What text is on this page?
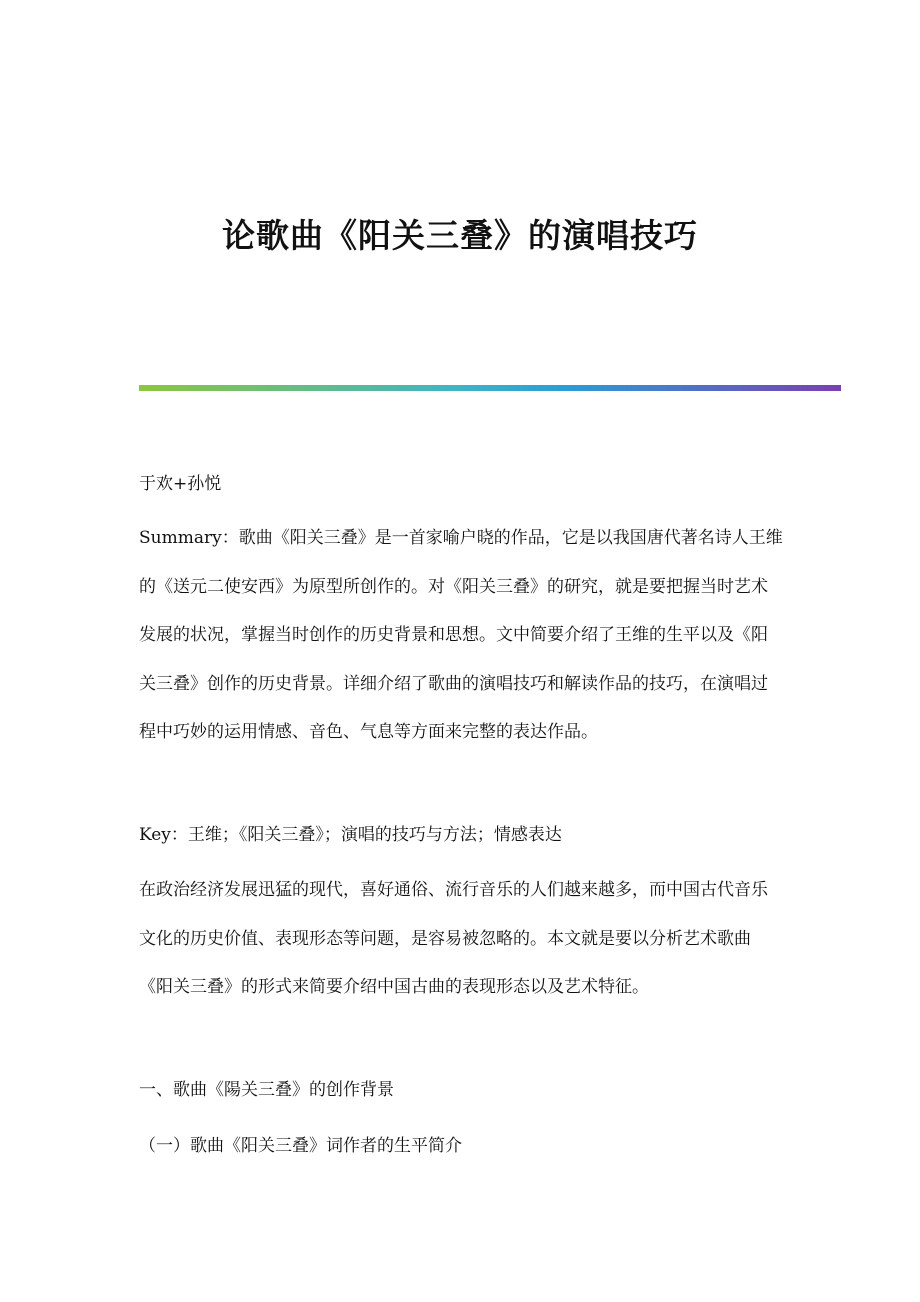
论歌曲《阳关三叠》的演唱技巧

于欢+孙悦

Summary：歌曲《阳关三叠》是一首家喻户晓的作品，它是以我国唐代著名诗人王维的《送元二使安西》为原型所创作的。对《阳关三叠》的研究，就是要把握当时艺术发展的状况，掌握当时创作的历史背景和思想。文中简要介绍了王维的生平以及《阳关三叠》创作的历史背景。详细介绍了歌曲的演唱技巧和解读作品的技巧，在演唱过程中巧妙的运用情感、音色、气息等方面来完整的表达作品。

Key：王维；《阳关三叠》；演唱的技巧与方法；情感表达

在政治经济发展迅猛的现代，喜好通俗、流行音乐的人们越来越多，而中国古代音乐文化的历史价值、表现形态等问题，是容易被忽略的。本文就是要以分析艺术歌曲《阳关三叠》的形式来简要介绍中国古曲的表现形态以及艺术特征。

一、歌曲《陽关三叠》的创作背景

（一）歌曲《阳关三叠》词作者的生平简介
